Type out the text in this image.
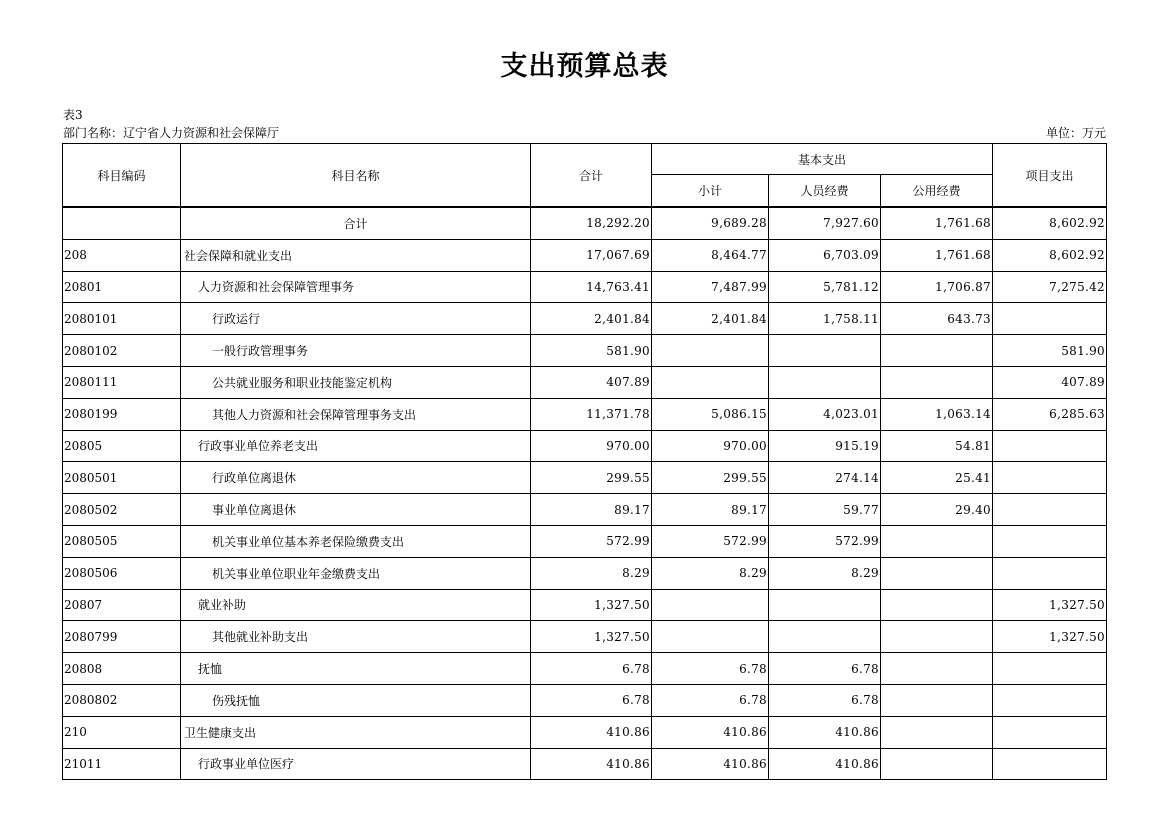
支出预算总表
表3
部门名称：辽宁省人力资源和社会保障厅	单位：万元
科目编码	科目名称	合计	基本支出			项目支出
			小计	人员经费	公用经费	
	合计	18,292.20	9,689.28	7,927.60	1,761.68	8,602.92
208	社会保障和就业支出	17,067.69	8,464.77	6,703.09	1,761.68	8,602.92
20801	人力资源和社会保障管理事务	14,763.41	7,487.99	5,781.12	1,706.87	7,275.42
2080101	行政运行	2,401.84	2,401.84	1,758.11	643.73	
2080102	一般行政管理事务	581.90				581.90
2080111	公共就业服务和职业技能鉴定机构	407.89				407.89
2080199	其他人力资源和社会保障管理事务支出	11,371.78	5,086.15	4,023.01	1,063.14	6,285.63
20805	行政事业单位养老支出	970.00	970.00	915.19	54.81	
2080501	行政单位离退休	299.55	299.55	274.14	25.41	
2080502	事业单位离退休	89.17	89.17	59.77	29.40	
2080505	机关事业单位基本养老保险缴费支出	572.99	572.99	572.99		
2080506	机关事业单位职业年金缴费支出	8.29	8.29	8.29		
20807	就业补助	1,327.50				1,327.50
2080799	其他就业补助支出	1,327.50				1,327.50
20808	抚恤	6.78	6.78	6.78		
2080802	伤残抚恤	6.78	6.78	6.78		
210	卫生健康支出	410.86	410.86	410.86		
21011	行政事业单位医疗	410.86	410.86	410.86		
